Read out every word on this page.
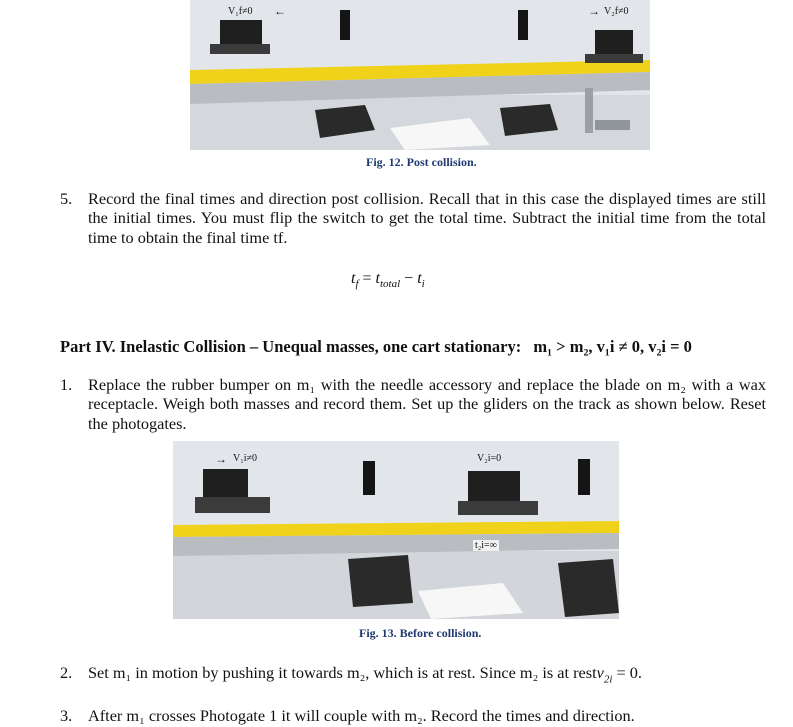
V₁f≠0 ←	→ V₂f≠0
Fig. 12. Post collision.
5. Record the final times and direction post collision. Recall that in this case the displayed times are still the initial times. You must flip the switch to get the total time. Subtract the initial time from the total time to obtain the final time tf.
$t_f = t_{total} - t_i$
Part IV. Inelastic Collision – Unequal masses, one cart stationary: m₁ > m₂, v₁i ≠ 0, v₂i = 0
1. Replace the rubber bumper on m₁ with the needle accessory and replace the blade on m₂ with a wax receptacle. Weigh both masses and record them. Set up the gliders on the track as shown below. Reset the photogates.
→ V₁i≠0	V₂i=0
t₂i=∞
Fig. 13. Before collision.
2. Set m₁ in motion by pushing it towards m₂, which is at rest. Since m₂ is at restv$_{2i}$ = 0.
3. After m₁ crosses Photogate 1 it will couple with m₂. Record the times and direction.
